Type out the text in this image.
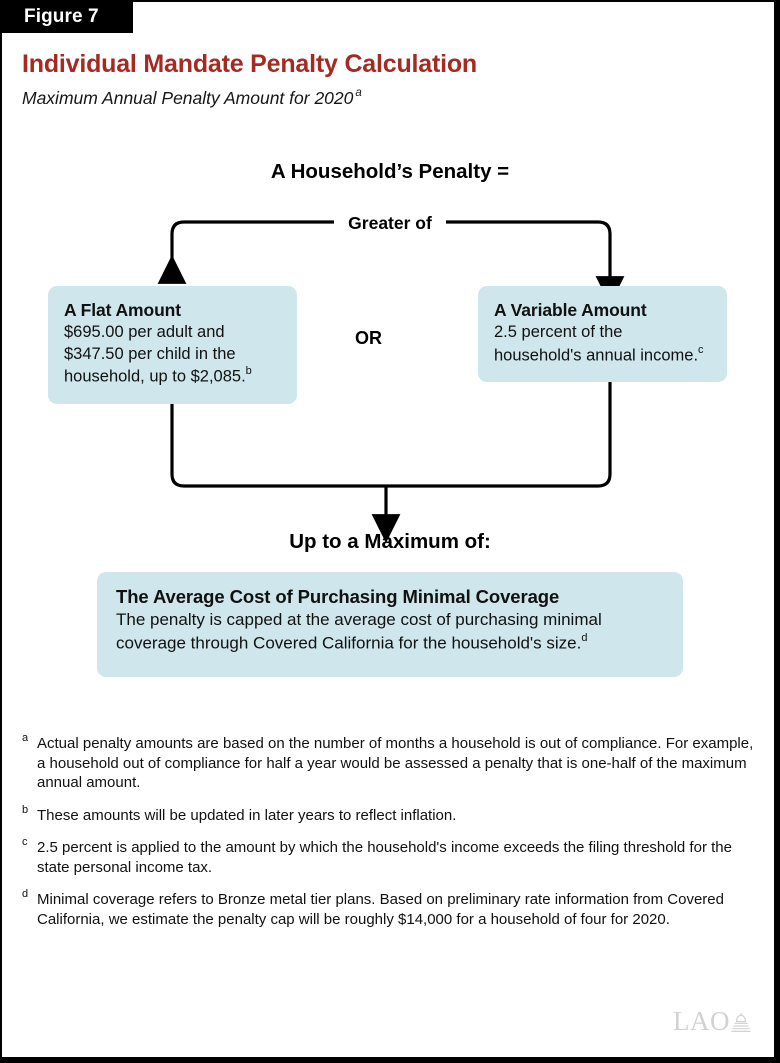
Figure 7
Individual Mandate Penalty Calculation
Maximum Annual Penalty Amount for 2020 $^a$
A Household’s Penalty =
Greater of
Up to a Maximum of:
OR
A Flat Amount
$695.00 per adult and $347.50 per child in the household, up to $2,085.$^b$
A Variable Amount
2.5 percent of the household's annual income.$^c$
The Average Cost of Purchasing Minimal Coverage
The penalty is capped at the average cost of purchasing minimal coverage through Covered California for the household's size.$^d$
a Actual penalty amounts are based on the number of months a household is out of compliance. For example, a household out of compliance for half a year would be assessed a penalty that is one-half of the maximum annual amount.
b These amounts will be updated in later years to reflect inflation.
c 2.5 percent is applied to the amount by which the household's income exceeds the filing threshold for the state personal income tax.
d Minimal coverage refers to Bronze metal tier plans. Based on preliminary rate information from Covered California, we estimate the penalty cap will be roughly $14,000 for a household of four for 2020.
LAO
